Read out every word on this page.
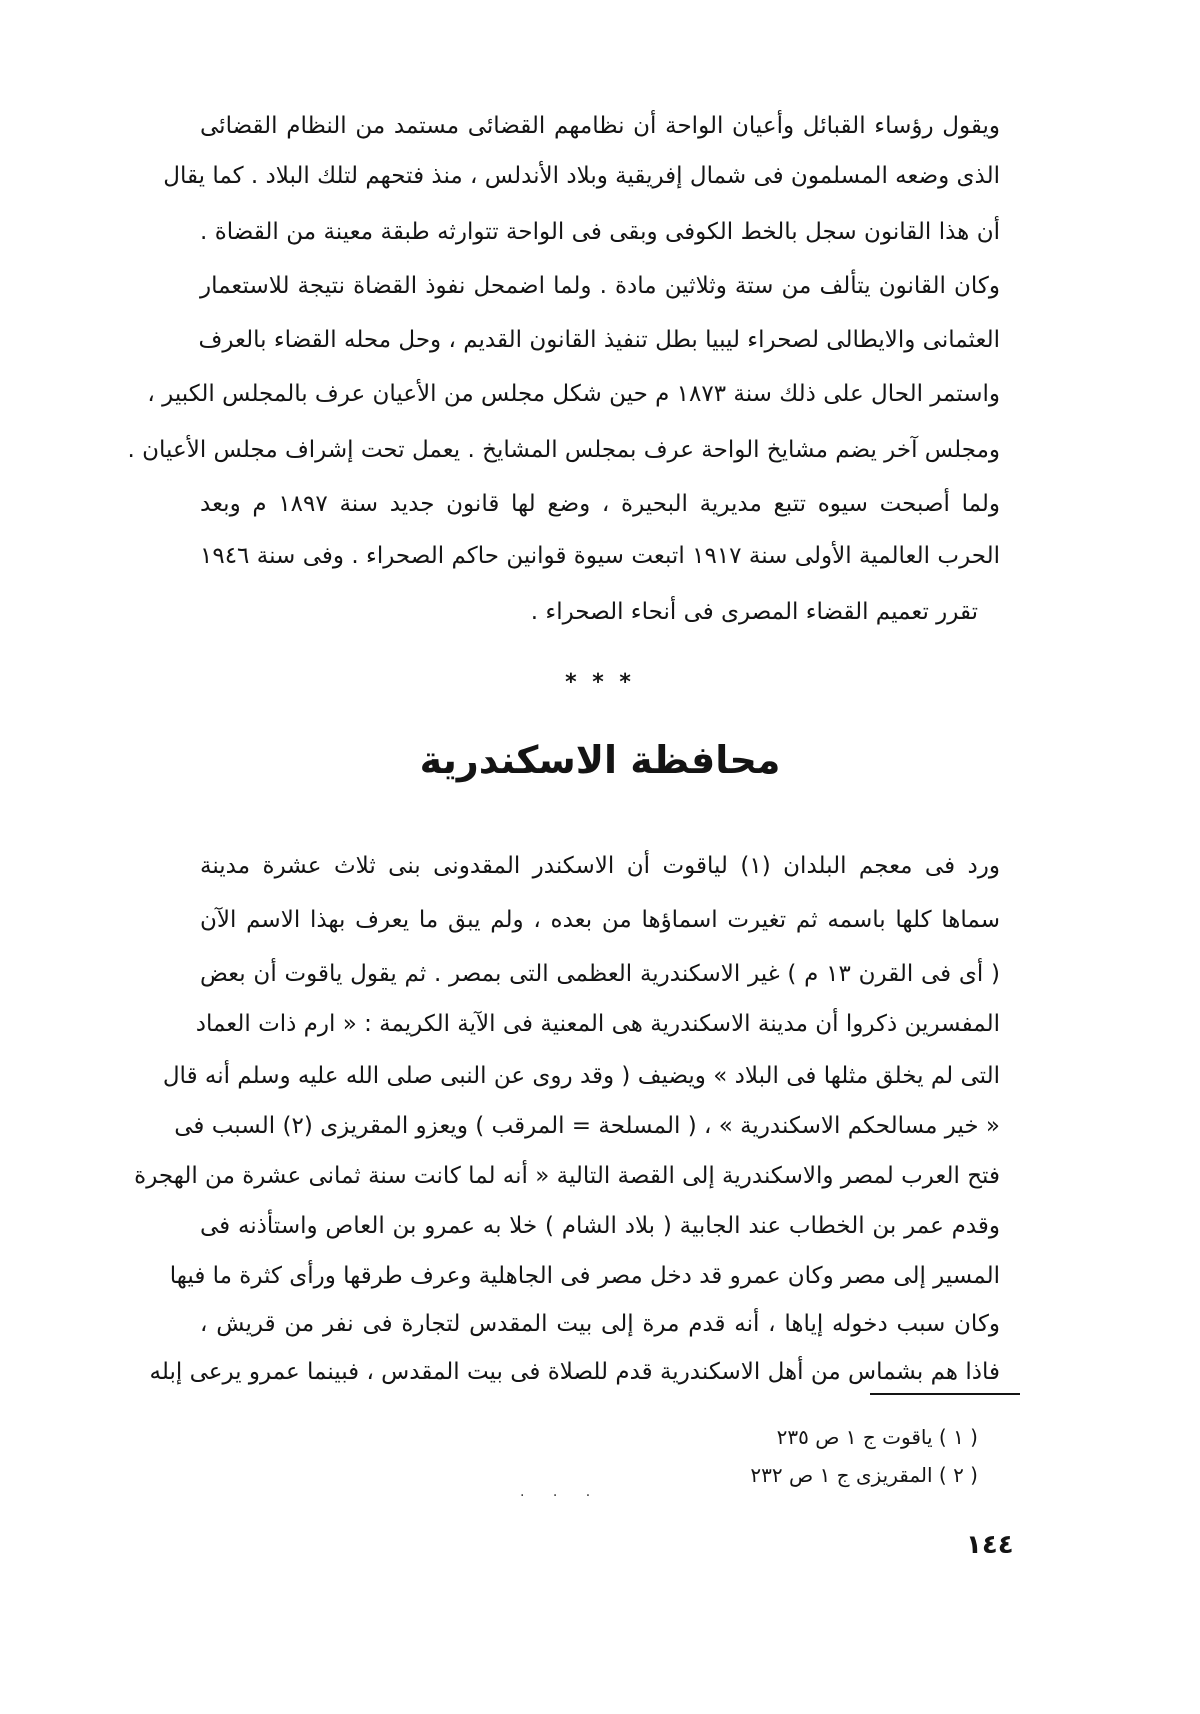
ويقول رؤساء القبائل وأعيان الواحة أن نظامهم القضائى مستمد من النظام القضائى
الذى وضعه المسلمون فى شمال إفريقية وبلاد الأندلس ، منذ فتحهم لتلك البلاد . كما يقال
أن هذا القانون سجل بالخط الكوفى وبقى فى الواحة تتوارثه طبقة معينة من القضاة .
وكان القانون يتألف من ستة وثلاثين مادة . ولما اضمحل نفوذ القضاة نتيجة للاستعمار
العثمانى والايطالى لصحراء ليبيا بطل تنفيذ القانون القديم ، وحل محله القضاء بالعرف
واستمر الحال على ذلك سنة ١٨٧٣ م حين شكل مجلس من الأعيان عرف بالمجلس الكبير ،
ومجلس آخر يضم مشايخ الواحة عرف بمجلس المشايخ . يعمل تحت إشراف مجلس الأعيان .
ولما أصبحت سيوه تتبع مديرية البحيرة ، وضع لها قانون جديد سنة ١٨٩٧ م وبعد
الحرب العالمية الأولى سنة ١٩١٧ اتبعت سيوة قوانين حاكم الصحراء . وفى سنة ١٩٤٦
تقرر تعميم القضاء المصرى فى أنحاء الصحراء .
* * *
محافظة الاسكندرية
ورد فى معجم البلدان (١) لياقوت أن الاسكندر المقدونى بنى ثلاث عشرة مدينة
سماها كلها باسمه ثم تغيرت اسماؤها من بعده ، ولم يبق ما يعرف بهذا الاسم الآن
( أى فى القرن ١٣ م ) غير الاسكندرية العظمى التى بمصر . ثم يقول ياقوت أن بعض
المفسرين ذكروا أن مدينة الاسكندرية هى المعنية فى الآية الكريمة : « ارم ذات العماد
التى لم يخلق مثلها فى البلاد » ويضيف ( وقد روى عن النبى صلى الله عليه وسلم أنه قال
« خير مسالحكم الاسكندرية » ، ( المسلحة = المرقب ) ويعزو المقريزى (٢) السبب فى
فتح العرب لمصر والاسكندرية إلى القصة التالية « أنه لما كانت سنة ثمانى عشرة من الهجرة
وقدم عمر بن الخطاب عند الجابية ( بلاد الشام ) خلا به عمرو بن العاص واستأذنه فى
المسير إلى مصر وكان عمرو قد دخل مصر فى الجاهلية وعرف طرقها ورأى كثرة ما فيها
وكان سبب دخوله إياها ، أنه قدم مرة إلى بيت المقدس لتجارة فى نفر من قريش ،
فاذا هم بشماس من أهل الاسكندرية قدم للصلاة فى بيت المقدس ، فبينما عمرو يرعى إبله
( ١ ) ياقوت ج ١ ص ٢٣٥
( ٢ ) المقريزى ج ١ ص ٢٣٢
. . .
١٤٤
